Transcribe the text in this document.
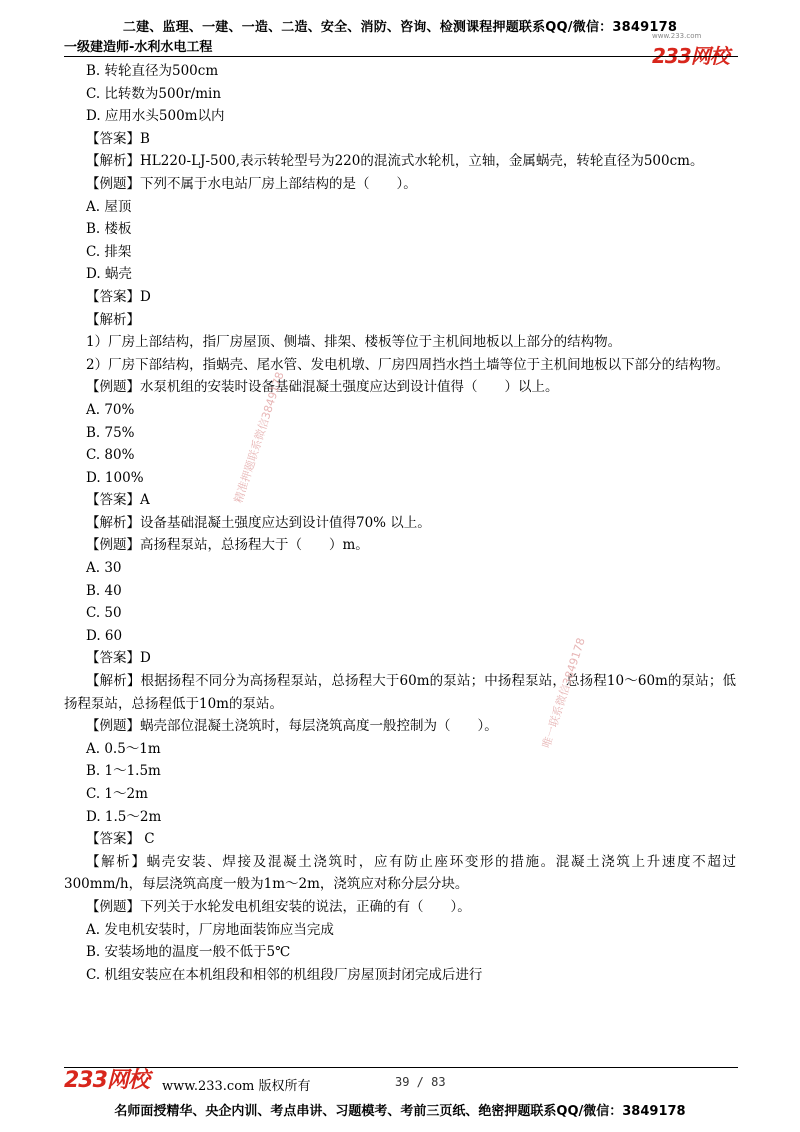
二建、监理、一建、一造、二造、安全、消防、咨询、检测课程押题联系QQ/微信：3849178
www.233.com
233网校
一级建造师-水利水电工程
B. 转轮直径为500cm
C. 比转数为500r/min
D. 应用水头500m以内
【答案】B
【解析】HL220-LJ-500,表示转轮型号为220的混流式水轮机，立轴，金属蜗壳，转轮直径为500cm。
【例题】下列不属于水电站厂房上部结构的是（　　）。
A. 屋顶
B. 楼板
C. 排架
D. 蜗壳
【答案】D
【解析】
1）厂房上部结构，指厂房屋顶、侧墙、排架、楼板等位于主机间地板以上部分的结构物。
2）厂房下部结构，指蜗壳、尾水管、发电机墩、厂房四周挡水挡土墙等位于主机间地板以下部分的结构物。
【例题】水泵机组的安装时设备基础混凝土强度应达到设计值得（　　）以上。
A. 70%
B. 75%
C. 80%
D. 100%
【答案】A
【解析】设备基础混凝土强度应达到设计值得70% 以上。
【例题】高扬程泵站，总扬程大于（　　）m。
A. 30
B. 40
C. 50
D. 60
【答案】D
【解析】根据扬程不同分为高扬程泵站，总扬程大于60m的泵站；中扬程泵站，总扬程10～60m的泵站；低扬程泵站，总扬程低于10m的泵站。
【例题】蜗壳部位混凝土浇筑时，每层浇筑高度一般控制为（　　）。
A. 0.5～1m
B. 1～1.5m
C. 1～2m
D. 1.5～2m
【答案】 C
【解析】蜗壳安装、焊接及混凝土浇筑时，应有防止座环变形的措施。混凝土浇筑上升速度不超过300mm/h，每层浇筑高度一般为1m～2m，浇筑应对称分层分块。
【例题】下列关于水轮发电机组安装的说法，正确的有（　　）。
A. 发电机安装时，厂房地面装饰应当完成
B. 安装场地的温度一般不低于5℃
C. 机组安装应在本机组段和相邻的机组段厂房屋顶封闭完成后进行
精准押题联系微信3849178
唯一联系微信3849178
233网校 www.233.com 版权所有	39 / 83
名师面授精华、央企内训、考点串讲、习题模考、考前三页纸、绝密押题联系QQ/微信：3849178
